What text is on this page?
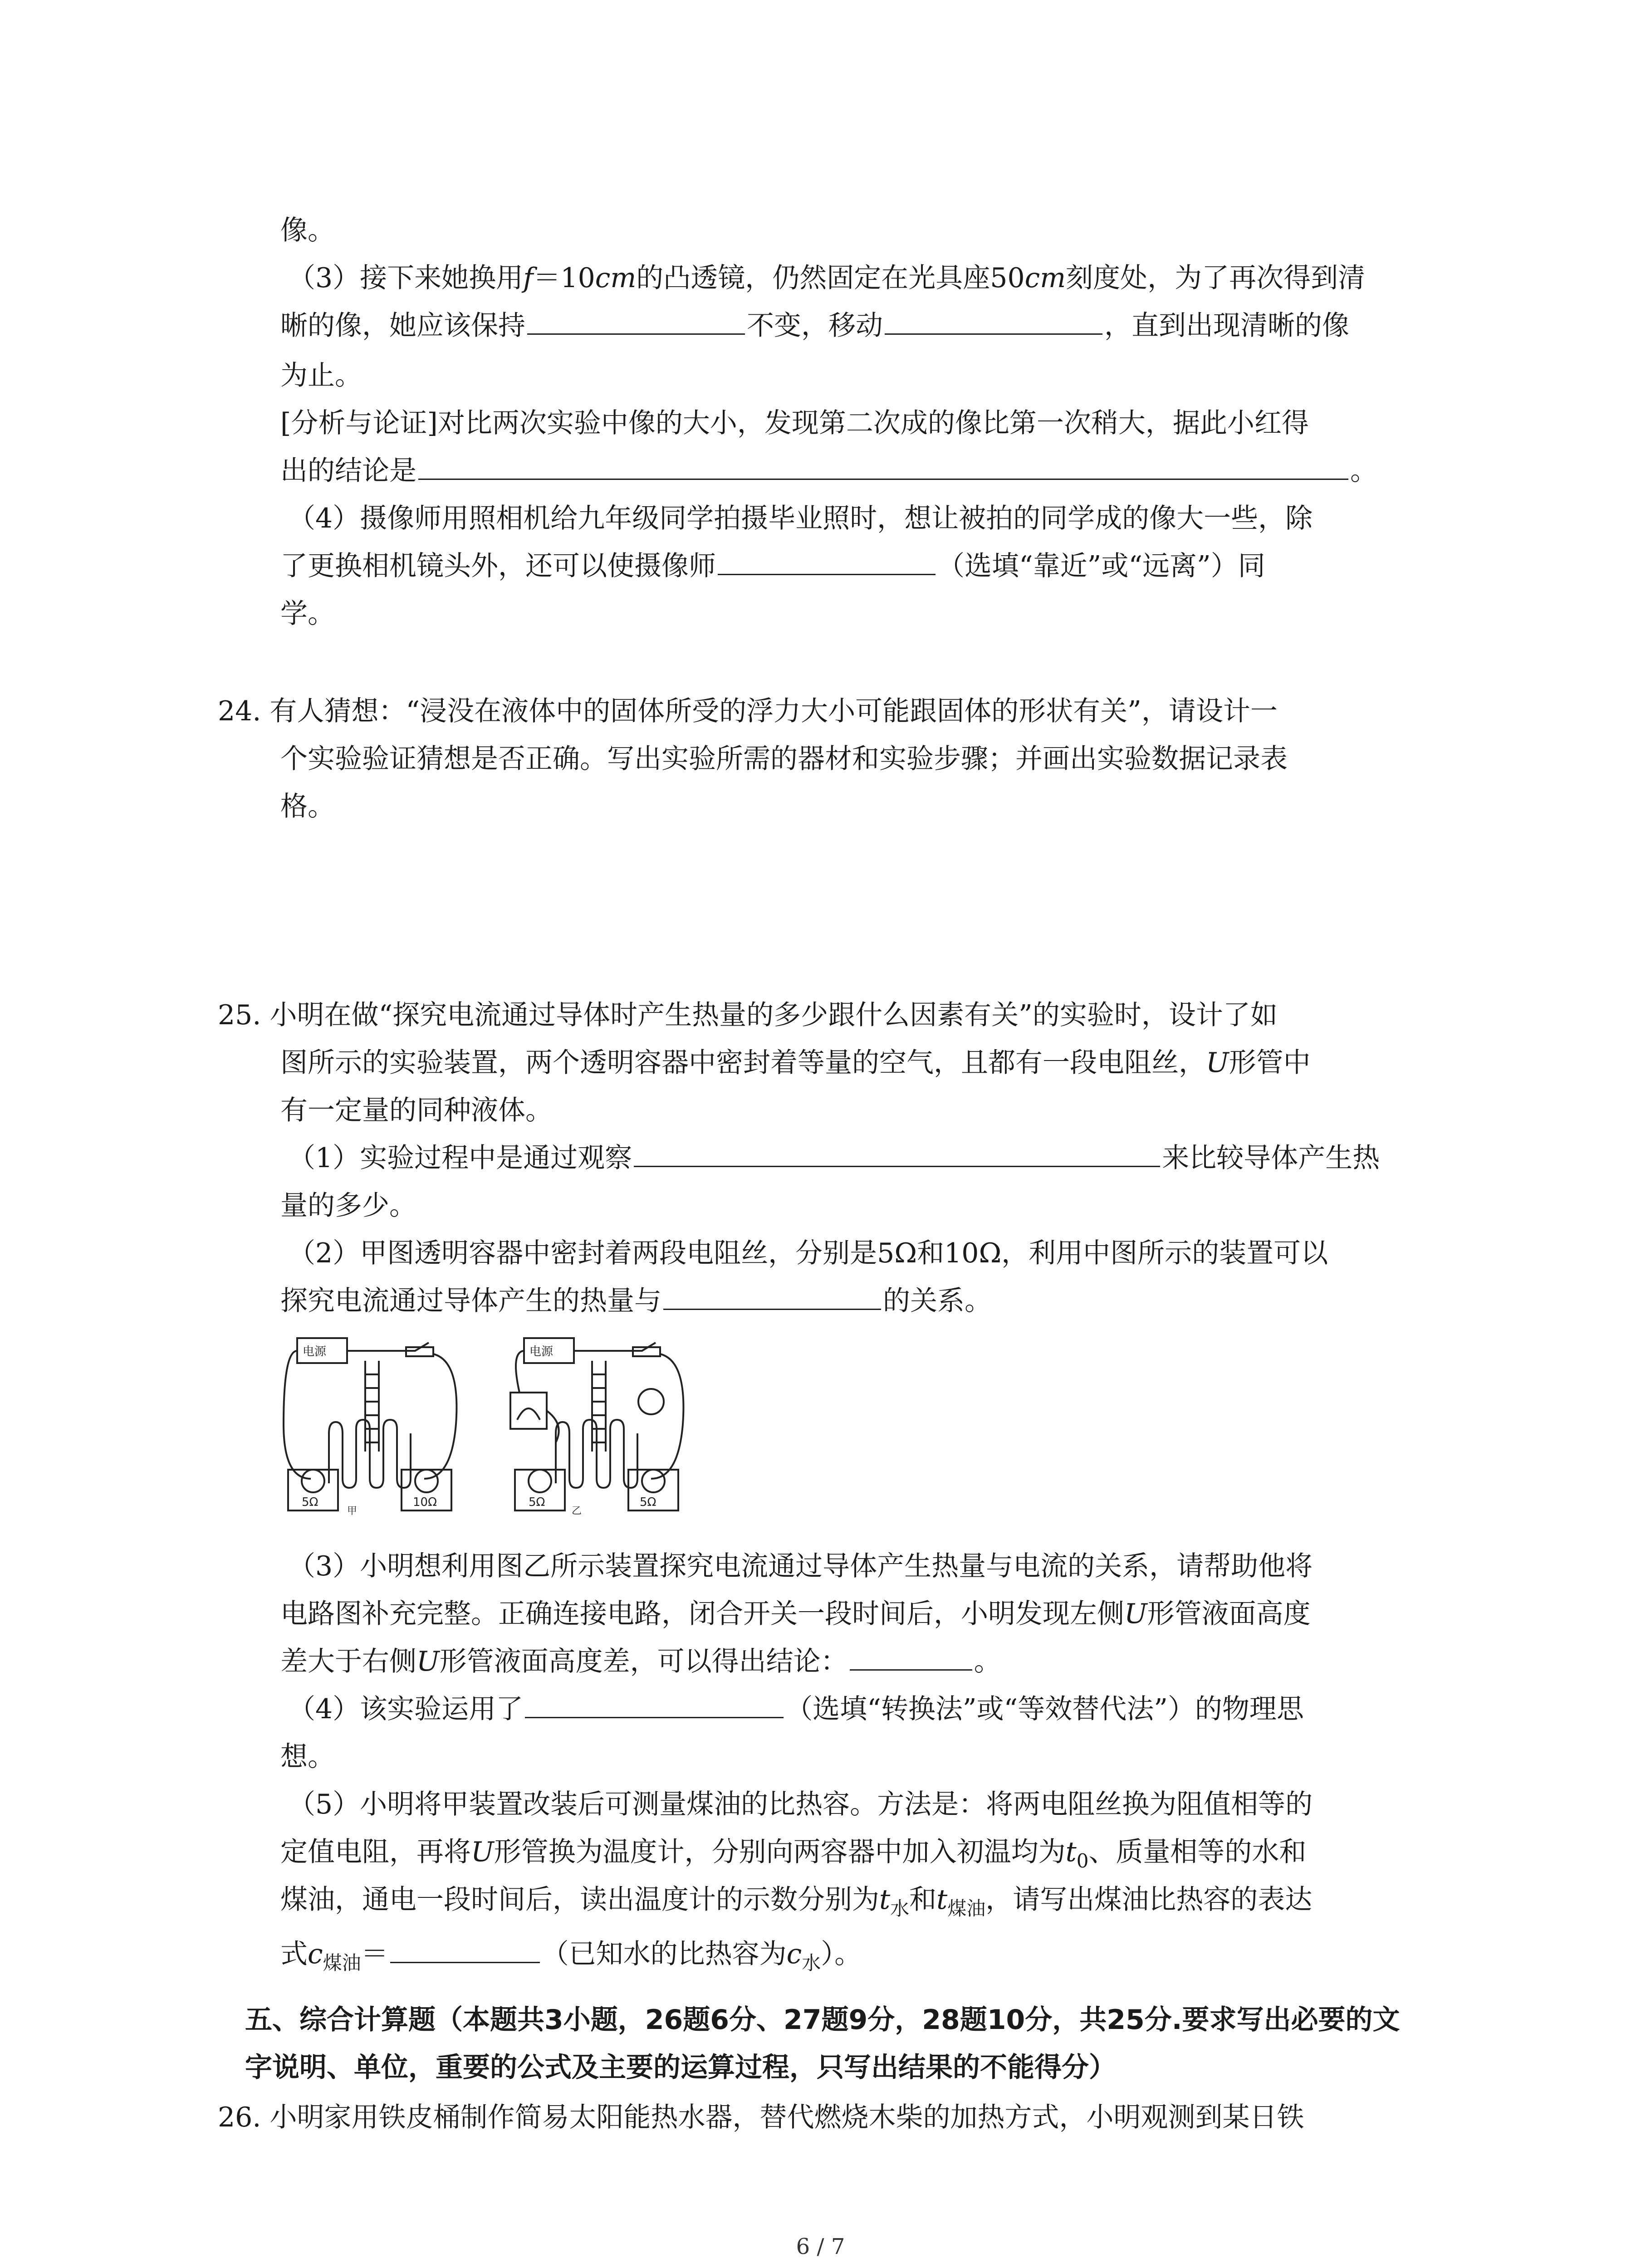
像。
（3）接下来她换用f＝10cm的凸透镜，仍然固定在光具座50cm刻度处，为了再次得到清
晰的像，她应该保持	不变，移动	，直到出现清晰的像
为止。
[分析与论证]对比两次实验中像的大小，发现第二次成的像比第一次稍大，据此小红得
出的结论是	。
（4）摄像师用照相机给九年级同学拍摄毕业照时，想让被拍的同学成的像大一些，除
了更换相机镜头外，还可以使摄像师	（选填“靠近”或“远离”）同
学。
24. 有人猜想：“浸没在液体中的固体所受的浮力大小可能跟固体的形状有关”，请设计一
个实验验证猜想是否正确。写出实验所需的器材和实验步骤；并画出实验数据记录表
格。
25. 小明在做“探究电流通过导体时产生热量的多少跟什么因素有关”的实验时，设计了如
图所示的实验装置，两个透明容器中密封着等量的空气，且都有一段电阻丝，U形管中
有一定量的同种液体。
（1）实验过程中是通过观察	来比较导体产生热
量的多少。
（2）甲图透明容器中密封着两段电阻丝，分别是5Ω和10Ω，利用中图所示的装置可以
探究电流通过导体产生的热量与	的关系。
电源
5Ω	10Ω
甲
电源
5Ω	5Ω
乙
（3）小明想利用图乙所示装置探究电流通过导体产生热量与电流的关系，请帮助他将
电路图补充完整。正确连接电路，闭合开关一段时间后，小明发现左侧U形管液面高度
差大于右侧U形管液面高度差，可以得出结论：	。
（4）该实验运用了	（选填“转换法”或“等效替代法”）的物理思
想。
（5）小明将甲装置改装后可测量煤油的比热容。方法是：将两电阻丝换为阻值相等的
定值电阻，再将U形管换为温度计，分别向两容器中加入初温均为$t_0$、质量相等的水和
煤油，通电一段时间后，读出温度计的示数分别为$t_水$和$t_{煤油}$，请写出煤油比热容的表达
式$c_{煤油}=$	（已知水的比热容为$c_水$）。
五、综合计算题（本题共3小题，26题6分、27题9分，28题10分，共25分.要求写出必要的文
字说明、单位，重要的公式及主要的运算过程，只写出结果的不能得分）
26. 小明家用铁皮桶制作简易太阳能热水器，替代燃烧木柴的加热方式，小明观测到某日铁
6 / 7
